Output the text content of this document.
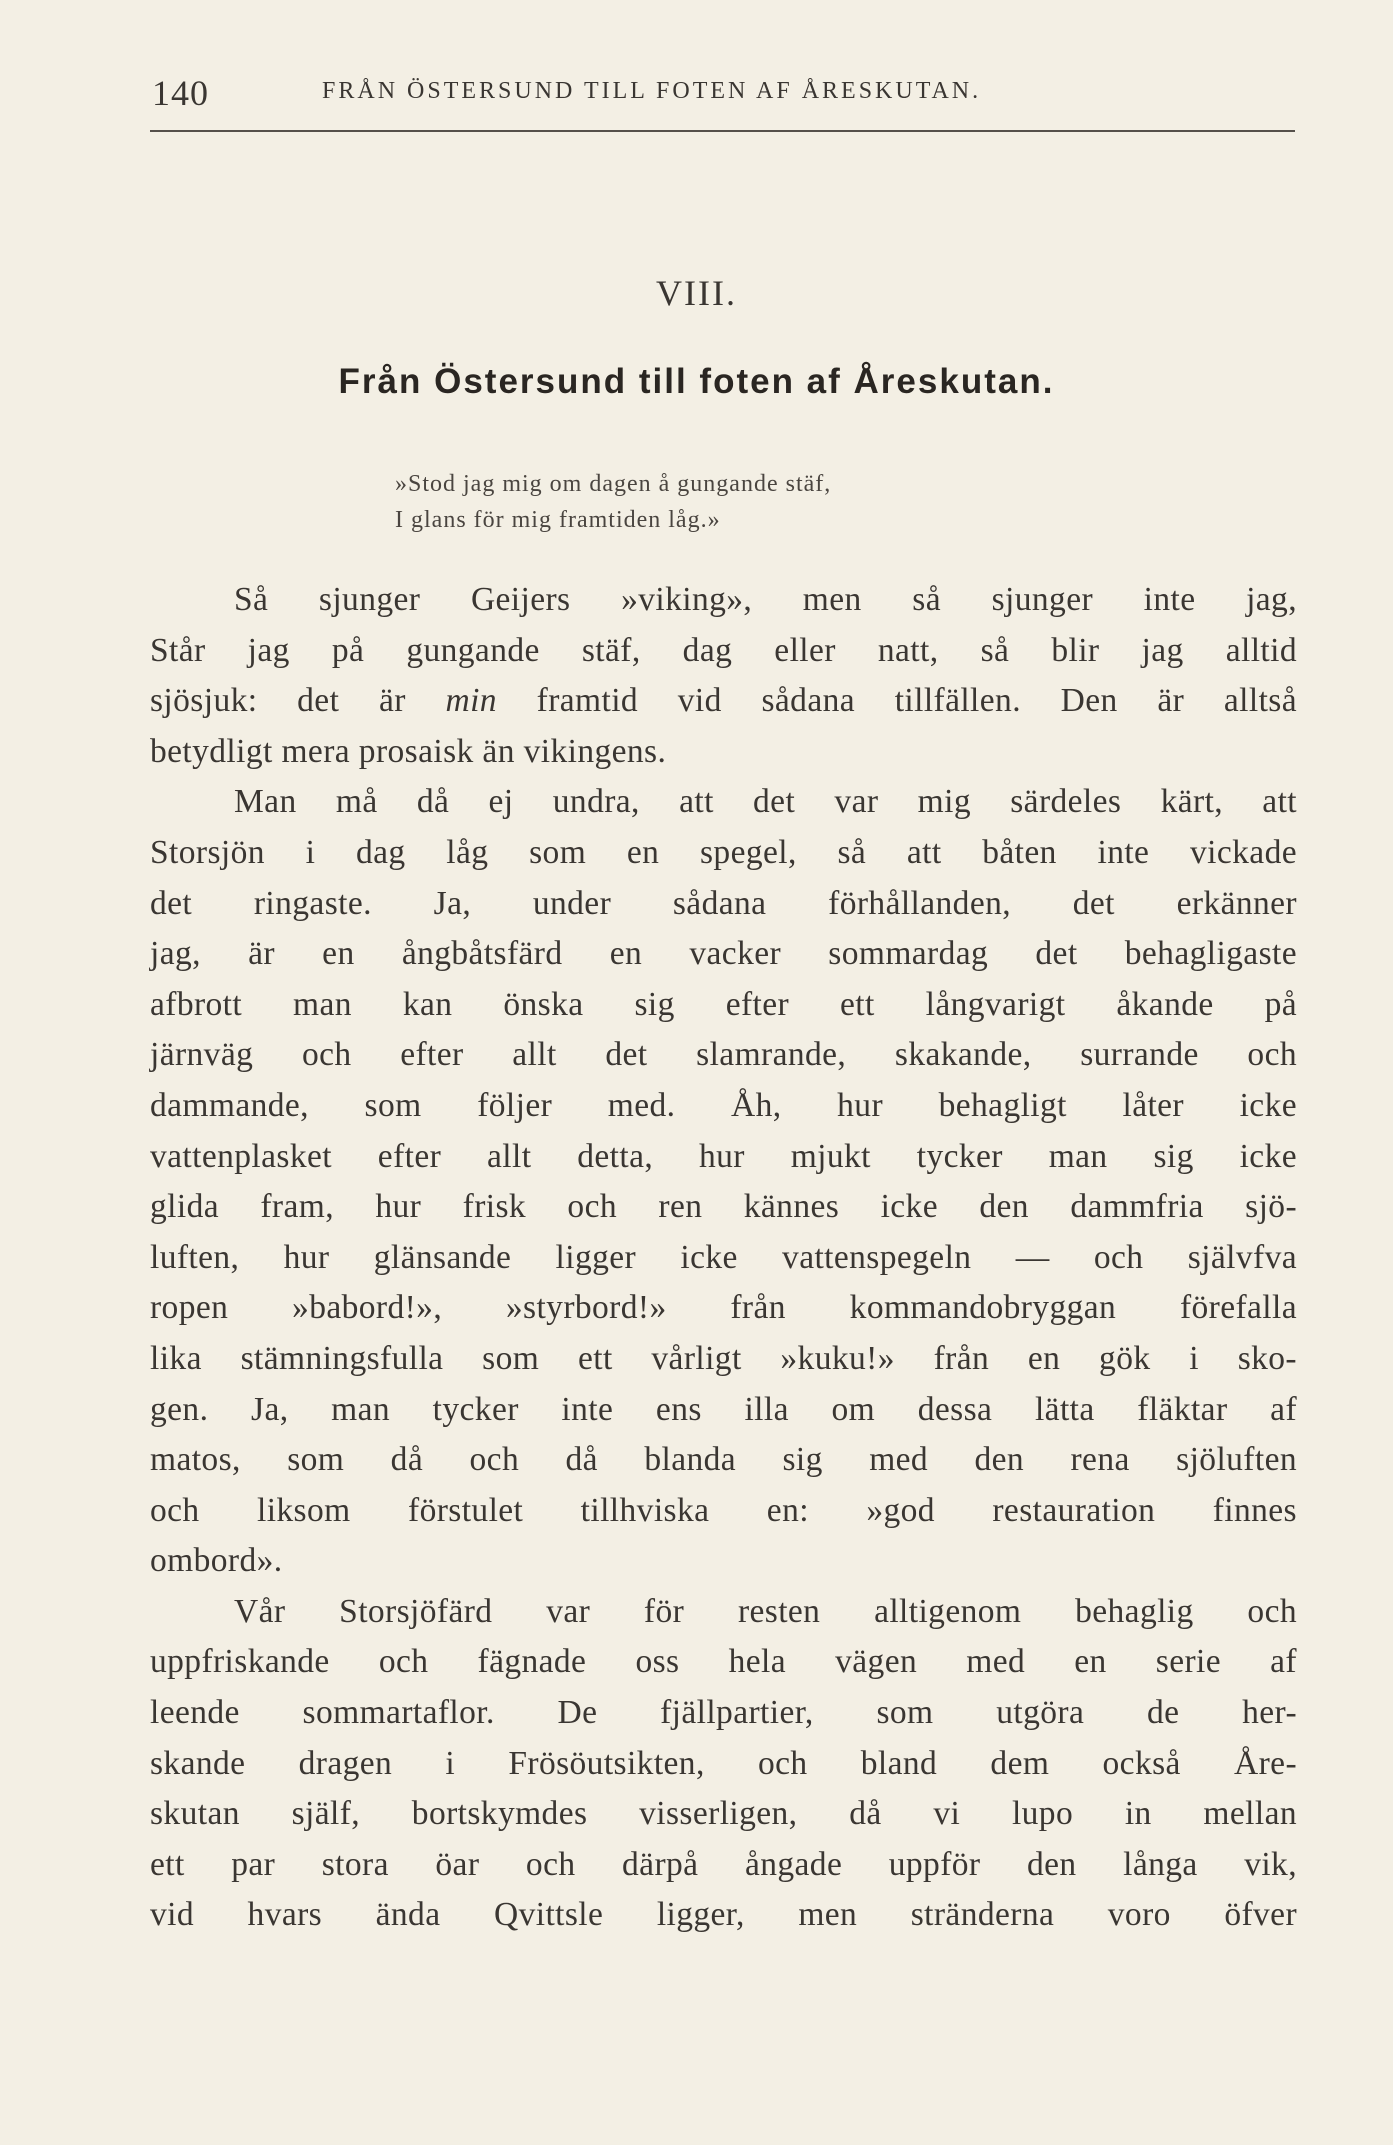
140	FRÅN ÖSTERSUND TILL FOTEN AF ÅRESKUTAN.
VIII.
Från Östersund till foten af Åreskutan.
»Stod jag mig om dagen å gungande stäf,
I glans för mig framtiden låg.»
Så sjunger Geijers »viking», men så sjunger inte jag,
Står jag på gungande stäf, dag eller natt, så blir jag alltid
sjösjuk: det är min framtid vid sådana tillfällen. Den är alltså
betydligt mera prosaisk än vikingens.
Man må då ej undra, att det var mig särdeles kärt, att
Storsjön i dag låg som en spegel, så att båten inte vickade
det ringaste. Ja, under sådana förhållanden, det erkänner
jag, är en ångbåtsfärd en vacker sommardag det behagligaste
afbrott man kan önska sig efter ett långvarigt åkande på
järnväg och efter allt det slamrande, skakande, surrande och
dammande, som följer med. Åh, hur behagligt låter icke
vattenplasket efter allt detta, hur mjukt tycker man sig icke
glida fram, hur frisk och ren kännes icke den dammfria sjö-
luften, hur glänsande ligger icke vattenspegeln — och självfva
ropen »babord!», »styrbord!» från kommandobryggan förefalla
lika stämningsfulla som ett vårligt »kuku!» från en gök i sko-
gen. Ja, man tycker inte ens illa om dessa lätta fläktar af
matos, som då och då blanda sig med den rena sjöluften
och liksom förstulet tillhviska en: »god restauration finnes
ombord».
Vår Storsjöfärd var för resten alltigenom behaglig och
uppfriskande och fägnade oss hela vägen med en serie af
leende sommartaflor. De fjällpartier, som utgöra de her-
skande dragen i Frösöutsikten, och bland dem också Åre-
skutan själf, bortskymdes visserligen, då vi lupo in mellan
ett par stora öar och därpå ångade uppför den långa vik,
vid hvars ända Qvittsle ligger, men stränderna voro öfver
